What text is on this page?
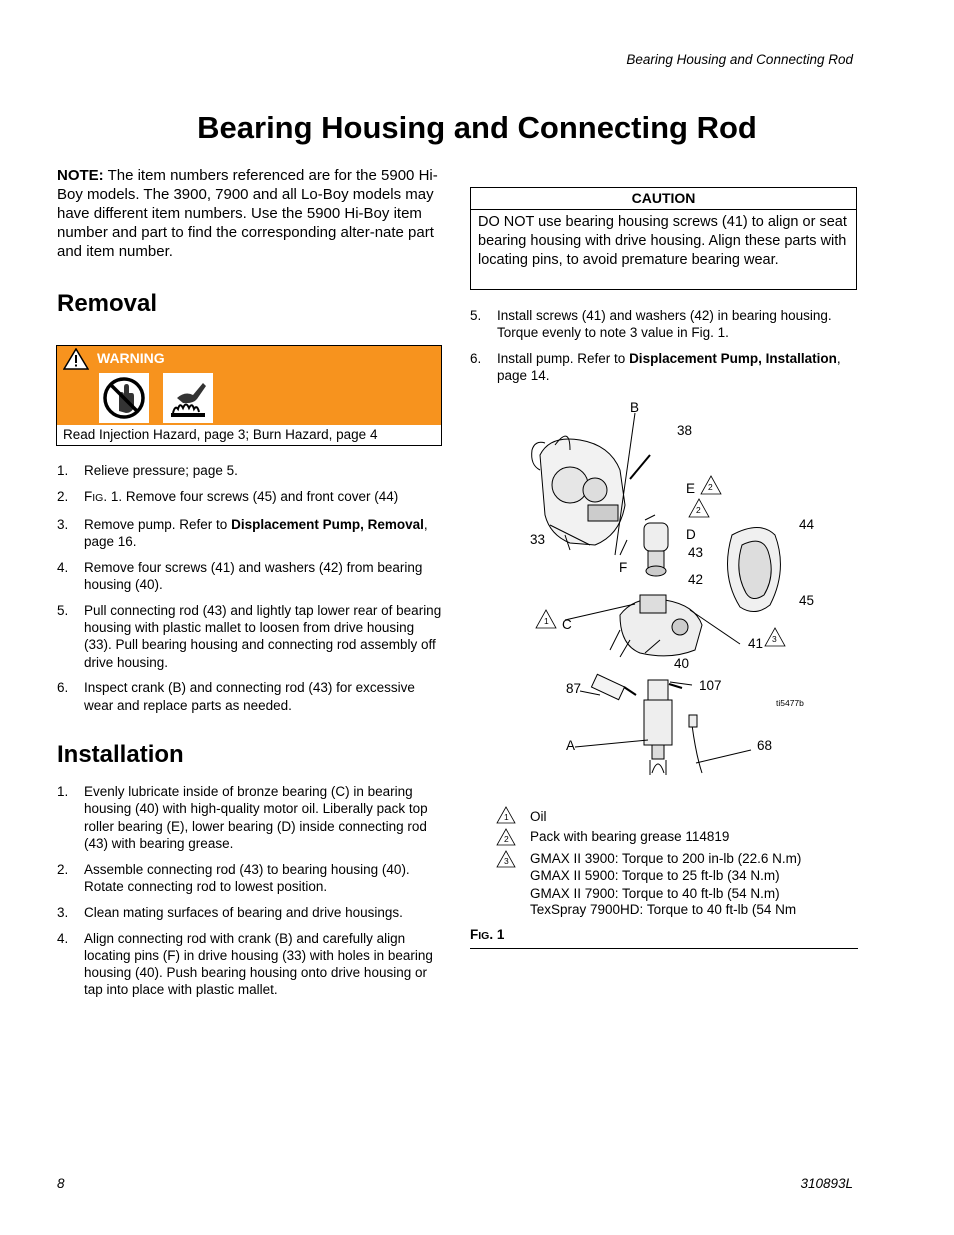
Bearing Housing and Connecting Rod
Bearing Housing and Connecting Rod
NOTE: The item numbers referenced are for the 5900 Hi-Boy models. The 3900, 7900 and all Lo-Boy models may have different item numbers. Use the 5900 Hi-Boy item number and part to find the corresponding alter-nate part and item number.
Removal
WARNING
Read Injection Hazard, page 3; Burn Hazard, page 4
1. Relieve pressure; page 5.
2. FIG. 1. Remove four screws (45) and front cover (44)
3. Remove pump. Refer to Displacement Pump, Removal, page 16.
4. Remove four screws (41) and washers (42) from bearing housing (40).
5. Pull connecting rod (43) and lightly tap lower rear of bearing housing with plastic mallet to loosen from drive housing (33). Pull bearing housing and connecting rod assembly off drive housing.
6. Inspect crank (B) and connecting rod (43) for excessive wear and replace parts as needed.
Installation
1. Evenly lubricate inside of bronze bearing (C) in bearing housing (40) with high-quality motor oil. Liberally pack top roller bearing (E), lower bearing (D) inside connecting rod (43) with bearing grease.
2. Assemble connecting rod (43) to bearing housing (40). Rotate connecting rod to lowest position.
3. Clean mating surfaces of bearing and drive housings.
4. Align connecting rod with crank (B) and carefully align locating pins (F) in drive housing (33) with holes in bearing housing (40). Push bearing housing onto drive housing or tap into place with plastic mallet.
CAUTION
DO NOT use bearing housing screws (41) to align or seat bearing housing with drive housing. Align these parts with locating pins, to avoid premature bearing wear.
5. Install screws (41) and washers (42) in bearing housing. Torque evenly to note 3 value in Fig. 1.
6. Install pump. Refer to Displacement Pump, Installation, page 14.
B
38
E 2
2
D
33
43
44
F
42
45
1 C
41 3
40
87	107
ti5477b
A	68
1 Oil
2 Pack with bearing grease 114819
3 GMAX II 3900: Torque to 200 in-lb (22.6 N.m)
GMAX II 5900: Torque to 25 ft-lb (34 N.m)
GMAX II 7900: Torque to 40 ft-lb (54 N.m)
TexSpray 7900HD: Torque to 40 ft-lb (54 Nm
FIG. 1
8	310893L
